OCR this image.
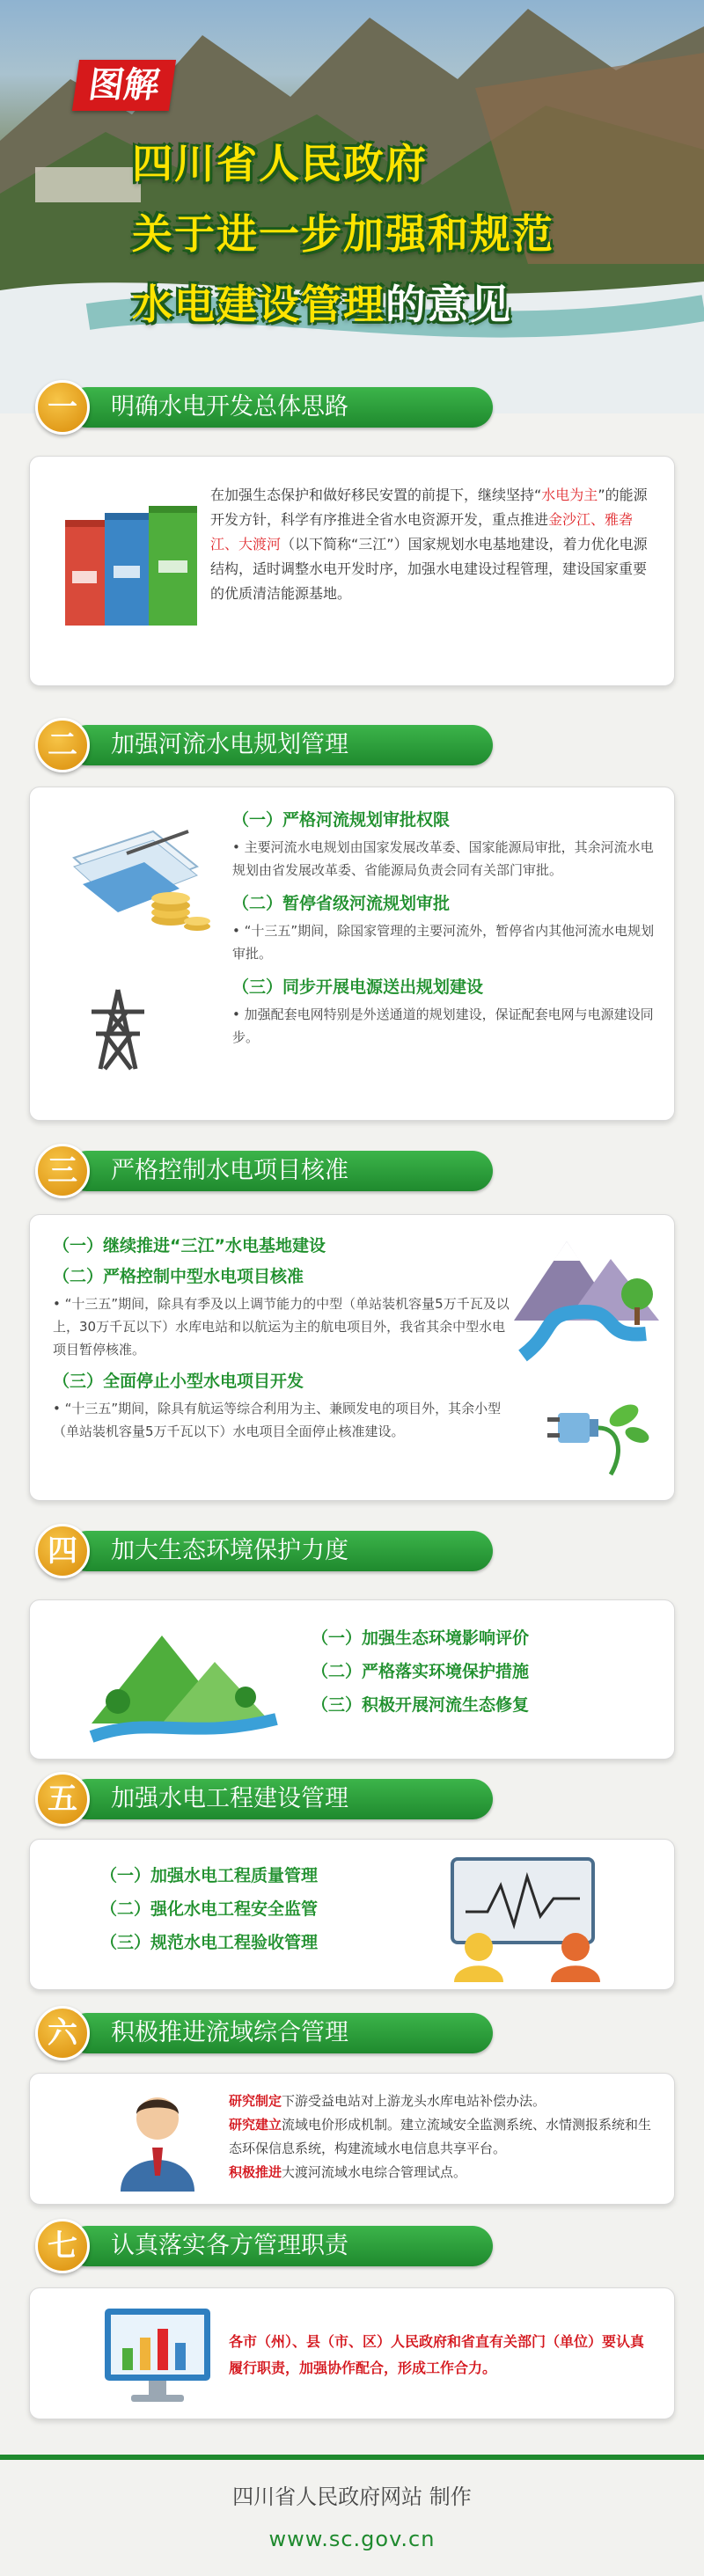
图解
四川省人民政府
关于进一步加强和规范
水电建设管理的意见
一	明确水电开发总体思路
在加强生态保护和做好移民安置的前提下，继续坚持“水电为主”的能源开发方针，科学有序推进全省水电资源开发，重点推进金沙江、雅砻江、大渡河（以下简称“三江”）国家规划水电基地建设，着力优化电源结构，适时调整水电开发时序，加强水电建设过程管理，建设国家重要的优质清洁能源基地。
二	加强河流水电规划管理
（一）严格河流规划审批权限
• 主要河流水电规划由国家发展改革委、国家能源局审批，其余河流水电规划由省发展改革委、省能源局负责会同有关部门审批。
（二）暂停省级河流规划审批
• “十三五”期间，除国家管理的主要河流外，暂停省内其他河流水电规划审批。
（三）同步开展电源送出规划建设
• 加强配套电网特别是外送通道的规划建设，保证配套电网与电源建设同步。
三	严格控制水电项目核准
（一）继续推进“三江”水电基地建设
（二）严格控制中型水电项目核准
• “十三五”期间，除具有季及以上调节能力的中型（单站装机容量5万千瓦及以上，30万千瓦以下）水库电站和以航运为主的航电项目外，我省其余中型水电项目暂停核准。
（三）全面停止小型水电项目开发
• “十三五”期间，除具有航运等综合利用为主、兼顾发电的项目外，其余小型（单站装机容量5万千瓦以下）水电项目全面停止核准建设。
四	加大生态环境保护力度
（一）加强生态环境影响评价
（二）严格落实环境保护措施
（三）积极开展河流生态修复
五	加强水电工程建设管理
（一）加强水电工程质量管理
（二）强化水电工程安全监管
（三）规范水电工程验收管理
六	积极推进流域综合管理
研究制定下游受益电站对上游龙头水库电站补偿办法。
研究建立流域电价形成机制。建立流域安全监测系统、水情测报系统和生态环保信息系统，构建流域水电信息共享平台。
积极推进大渡河流域水电综合管理试点。
七	认真落实各方管理职责
各市（州）、县（市、区）人民政府和省直有关部门（单位）要认真履行职责，加强协作配合，形成工作合力。
四川省人民政府网站 制作
www.sc.gov.cn
